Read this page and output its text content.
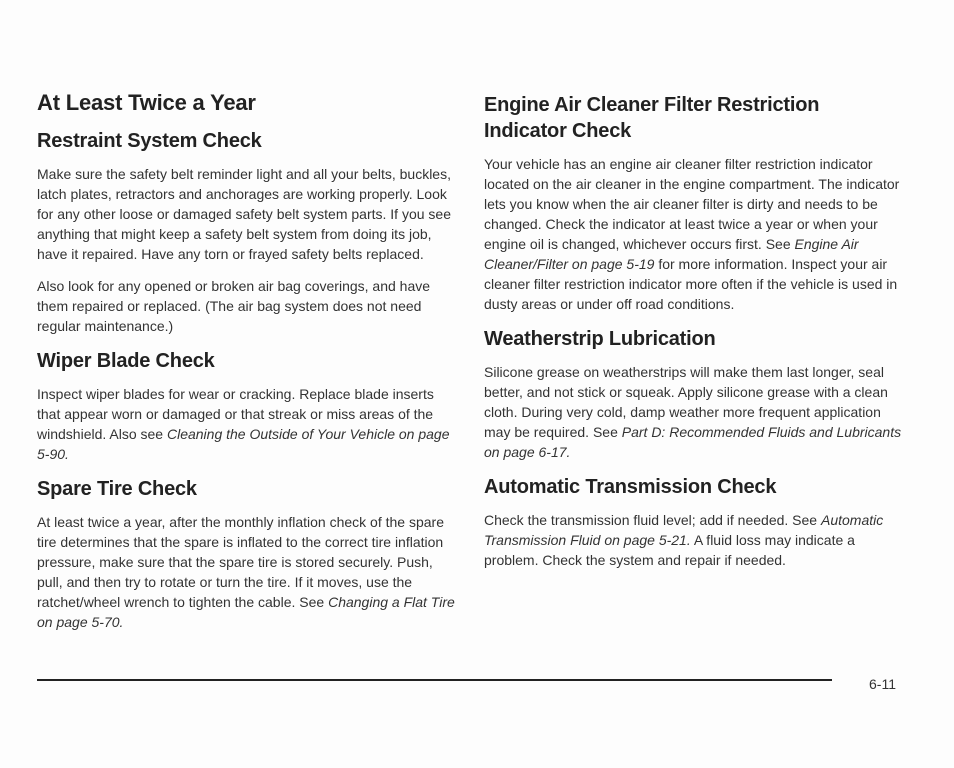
At Least Twice a Year
Restraint System Check

Make sure the safety belt reminder light and all your belts, buckles, latch plates, retractors and anchorages are working properly. Look for any other loose or damaged safety belt system parts. If you see anything that might keep a safety belt system from doing its job, have it repaired. Have any torn or frayed safety belts replaced.

Also look for any opened or broken air bag coverings, and have them repaired or replaced. (The air bag system does not need regular maintenance.)

Wiper Blade Check

Inspect wiper blades for wear or cracking. Replace blade inserts that appear worn or damaged or that streak or miss areas of the windshield. Also see Cleaning the Outside of Your Vehicle on page 5-90.

Spare Tire Check

At least twice a year, after the monthly inflation check of the spare tire determines that the spare is inflated to the correct tire inflation pressure, make sure that the spare tire is stored securely. Push, pull, and then try to rotate or turn the tire. If it moves, use the ratchet/wheel wrench to tighten the cable. See Changing a Flat Tire on page 5-70.

Engine Air Cleaner Filter Restriction Indicator Check

Your vehicle has an engine air cleaner filter restriction indicator located on the air cleaner in the engine compartment. The indicator lets you know when the air cleaner filter is dirty and needs to be changed. Check the indicator at least twice a year or when your engine oil is changed, whichever occurs first. See Engine Air Cleaner/Filter on page 5-19 for more information. Inspect your air cleaner filter restriction indicator more often if the vehicle is used in dusty areas or under off road conditions.

Weatherstrip Lubrication

Silicone grease on weatherstrips will make them last longer, seal better, and not stick or squeak. Apply silicone grease with a clean cloth. During very cold, damp weather more frequent application may be required. See Part D: Recommended Fluids and Lubricants on page 6-17.

Automatic Transmission Check

Check the transmission fluid level; add if needed. See Automatic Transmission Fluid on page 5-21. A fluid loss may indicate a problem. Check the system and repair if needed.

6-11
